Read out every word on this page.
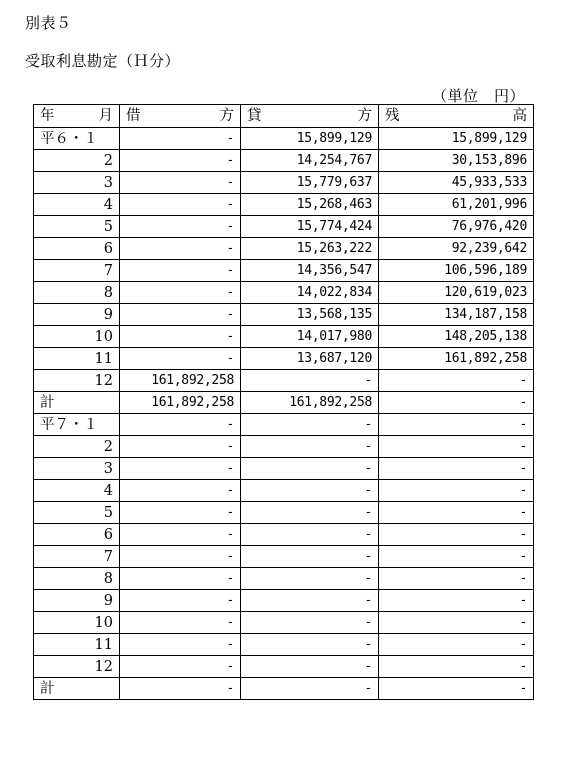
別表５
受取利息勘定（Ｈ分）
（単位　円）
年 月	借 方	貸 方	残 高

平６・１	-	15,899,129	15,899,129
2	-	14,254,767	30,153,896
3	-	15,779,637	45,933,533
4	-	15,268,463	61,201,996
5	-	15,774,424	76,976,420
6	-	15,263,222	92,239,642
7	-	14,356,547	106,596,189
8	-	14,022,834	120,619,023
9	-	13,568,135	134,187,158
10	-	14,017,980	148,205,138
11	-	13,687,120	161,892,258
12	161,892,258	-	-
計	161,892,258	161,892,258	-
平７・１	-	-	-
2	-	-	-
3	-	-	-
4	-	-	-
5	-	-	-
6	-	-	-
7	-	-	-
8	-	-	-
9	-	-	-
10	-	-	-
11	-	-	-
12	-	-	-
計	-	-	-
